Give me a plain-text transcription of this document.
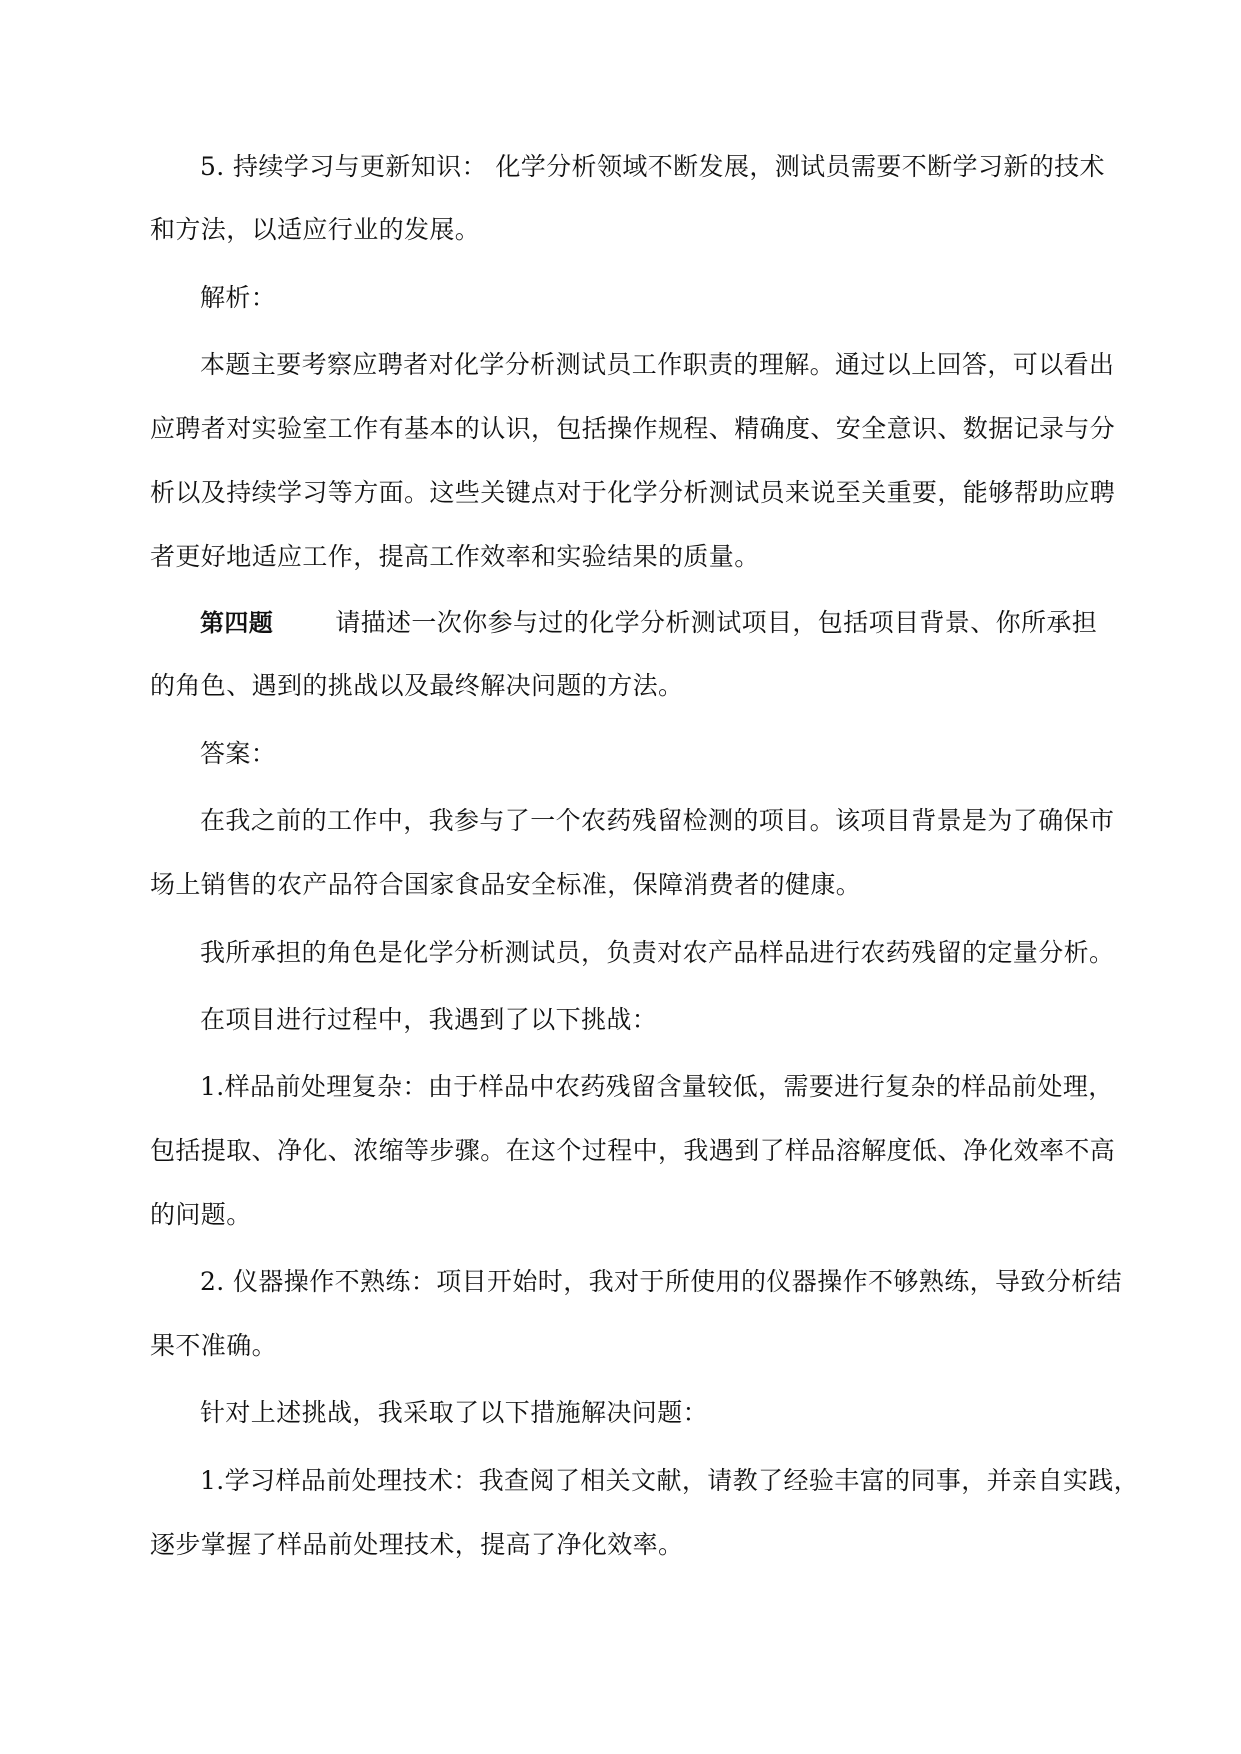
5. 持续学习与更新知识： 化学分析领域不断发展，测试员需要不断学习新的技术
和方法，以适应行业的发展。
解析：
本题主要考察应聘者对化学分析测试员工作职责的理解。通过以上回答，可以看出
应聘者对实验室工作有基本的认识，包括操作规程、精确度、安全意识、数据记录与分
析以及持续学习等方面。这些关键点对于化学分析测试员来说至关重要，能够帮助应聘
者更好地适应工作，提高工作效率和实验结果的质量。
第四题 请描述一次你参与过的化学分析测试项目，包括项目背景、你所承担
的角色、遇到的挑战以及最终解决问题的方法。
答案：
在我之前的工作中，我参与了一个农药残留检测的项目。该项目背景是为了确保市
场上销售的农产品符合国家食品安全标准，保障消费者的健康。
我所承担的角色是化学分析测试员，负责对农产品样品进行农药残留的定量分析。
在项目进行过程中，我遇到了以下挑战：
1.样品前处理复杂：由于样品中农药残留含量较低，需要进行复杂的样品前处理，
包括提取、净化、浓缩等步骤。在这个过程中，我遇到了样品溶解度低、净化效率不高
的问题。
2. 仪器操作不熟练：项目开始时，我对于所使用的仪器操作不够熟练，导致分析结
果不准确。
针对上述挑战，我采取了以下措施解决问题：
1.学习样品前处理技术：我查阅了相关文献，请教了经验丰富的同事，并亲自实践，
逐步掌握了样品前处理技术，提高了净化效率。
